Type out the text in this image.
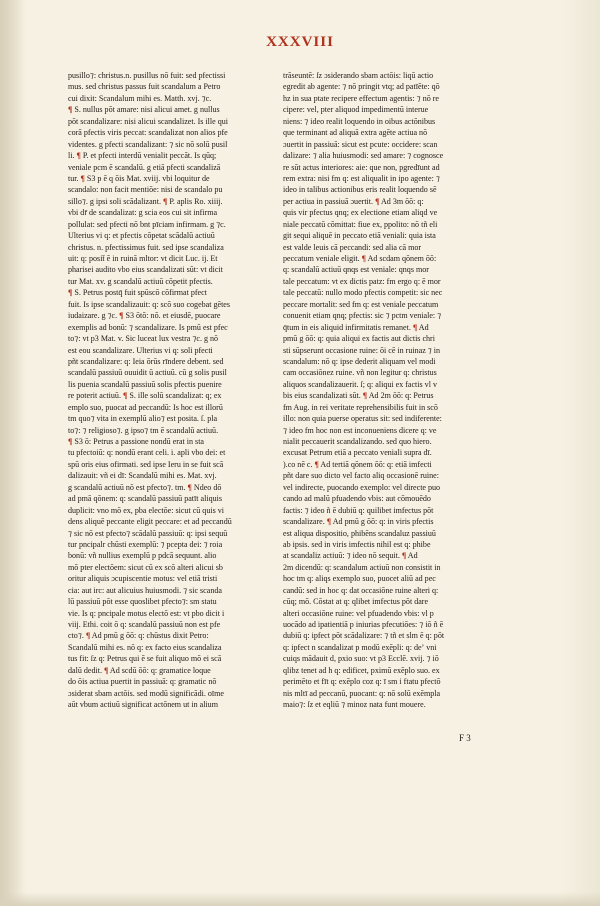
XXXVIII
pusillo⁊: christus.n. pusillus nō fuit: sed pfectissi
mus. sed christus passus fuit scandalum a Petro
cui dixit: Scandalum mihi es. Matth. xvj. ⁊c.
¶ S. nullus pōt amare: nisi alicui amet. g nullus
pōt scandalizare: nisi alicui scandalizet. Is ille qui
corā pfectis viris peccat: scandalizat non alios pfe
videntes. g pfecti scandalizant: ⁊ sic nō solū pusil
li. ¶ P. et pfecti interdū venialit peccāt. Is qūq;
veniale pcm ē scandalū. g etiā pfecti scandalizā
tur. ¶ S3 p ē q ōis Mat. xviij. vbi loquitur de
scandalo: non facit mentiōe: nisi de scandalo pu
sillo⁊. g ipsi soli scādalizant. ¶ P. aplis Ro. xiiij.
vbi dr̄ de scandalizat: g scia eos cui sit infirma
pollulat: sed pfecti nō bnt pīciam infirmam. g ⁊c.
Ulterius vi q: et pfectis cōpetat scādalū actiuū
christus. n. pfectissimus fuit. sed ipse scandaliza
uit: q: posit̄ ē in ruinā mltor: vt dicit Luc. ij. Et
pharisei audito vbo eius scandalizati sūt: vt dicit
tur Mat. xv. g scandalū actiuū cōpetit pfectis.
¶ S. Petrus postq̄ fuit spūscō cōfirmat pfect
fuit. Is ipse scandalizauit: q: scō suo cogebat gētes
iudaizare. g ⁊c. ¶ S3 ōtō: nō. et eiusdē, puocare
exemplis ad bonū: ⁊ scandalizare. Is pmū est pfec
to⁊: vt p3 Mat. v. Sic luceat lux vestra ⁊c. g nō
est eou scandalizare. Ulterius vi q: soli pfecti
pñt scandalizare: q: Ieia ōrūs rīndere debent. sed
scandalū passiuū ouuidit ū actiuū. cū g solis pusil
lis puenia scandalū passiuū solis pfectis puenire
re poterit actiuū. ¶ S. ille solū scandalizat: q; ex
emplo suo, puocat ad peccandū: Is hoc est illorū
tm quo⁊ vita in exemplū alio⁊ est posita. ſ. pla
to⁊: ⁊ religioso⁊. g ipso⁊ tm ē scandalū actiuū.
¶ S3 ō: Petrus a passione nondū erat in sta
tu pfectoiū: q: nondū erant celi. i. apli vbo dei: et
spū oris eius ofirmati. sed ipse Ieru in se fuit scā
dalizauit: vñ ei dī: Scandalū mihi es. Mat. xvj.
g scandalū actiuū nō est pfecto⁊. tm. ¶ Ndeo dō
ad pmā qōnem: q: scandalū passiuū patīt aliquis
duplicit: vno mō ex, pba electōe: sicut cū quis vi
dens aliquē peccante eligit peccare: et ad peccandū
⁊ sic nō est pfecto⁊ scādalū passiuū: q: ipsi sequū
tur pncipalr chūsti exemplū: ⁊ pcepta dei: ⁊ roia
bonū: vñ nullius exemplū p pdcā sequunt. alio
mō pter electōem: sicut cū ex scō alteri alicui sb
oritur aliquis ɔcupiscentie motus: vel etiā tristi
cia: aut irc: aut alicuius huiusmodi. ⁊ sic scanda
lū passiuū pōt esse quoslibet pfecto⁊: sm statu
vie. Is q: pncipale motus electō est: vt pbo dicit i
viij. Ethi. coit ō q: scandalū passiuū non est pfe
cto⁊. ¶ Ad pmū g ōō: q: chūstus dixit Petro:
Scandalū mihi es. nō q: ex facto eius scandaliza
tus fit: ſz q: Petrus qui ē se fuit aliquo mō ei scā
dalū dedit. ¶ Ad scdū ōō: q: gramatice loque
do ōis actiua puertit in passiuā: q: gramatic nō
ɔsiderat sbam actōis. sed modū significādi. oīme
aūt vbum actiuū significat actōnem ut in alium
trāseuntē: ſz ɔsiderando sbam actōis: liqū actio
egredit ab agente: ⁊ nō pringit vtq; ad patīēte: qō
hz in sua ptate recipere effectum agentis: ⁊ nō re
cipere: vel, pter aliquod impedimentū interue
niens: ⁊ ideo realit loquendo in oibus actōnibus
que terminant ad aliquā extra agēte actiua nō
ɔuertit in passiuā: sicut est pcute: occidere: scan
dalizare: ⁊ alia huiusmodi: sed amare: ⁊ cognosce
re sūt actus interiores: aie: que non, pgredīunt ad
rem extra: nisi fm q: est aliqualit in ipo agente: ⁊
ideo in talibus actionibus eris realit loquendo sē
per actiua in passiuā ɔuertit. ¶ Ad 3m ōō: q:
quis vir pfectus qnq; ex electione etiam aliqd ve
niale peccatū cōmittat: fiue ex, ppolito: nō tñ eli
git sequi aliquē in peccato etiā veniali: quia ista
est valde leuis cā peccandi: sed alia cā mor
peccatum veniale eligit. ¶ Ad scdam qōnem ōō:
q: scandalū actiuū qnqs est veniale: qnqs mor
tale peccatum: vt ex dictis patz: fm ergo q: ē mor
tale peccatū: nullo modo pfectis competit: sic nec
peccare mortalit: sed fm q: est veniale peccatum
conuenit etiam qnq; pfectis: sic ⁊ pctm veniale: ⁊
q̄tum in eis aliquid infirmitatis remanet. ¶ Ad
pmū g ōō: q: quia aliqui ex factis aut dictis chri
sti sūpserunt occasione ruine: ōi cē in ruinaz ⁊ in
scandalum: nō q: ipse dederit aliquam vel modi
cam occasiōnez ruine. vñ non legitur q: christus
aliquos scandalizauerit. ſ; q: aliqui ex factis vl v
bis eius scandalizati sūt. ¶ Ad 2m ōō: q: Petrus
fm Aug. in rei veritate reprehensibilis fuit in scō
illo: non quia puerse operatus sit: sed indiferente:
⁊ ideo fm hoc non est inconueniens dicere q: ve
nialit peccauerit scandalizando. sed quo hiero.
excusat Petrum etiā a peccato veniali supra dī.
).co nē c. ¶ Ad tertiā qōnem ōō: q: etiā imfecti
pñt dare suo dicto vel facto aliq occasionē ruine:
vel indirecte, puocando exemplo: vel directe puo
cando ad malū pfuadendo vbis: aut cōmouēdo
factis: ⁊ ideo ñ ē dubiū q: quilibet imfectus pōt
scandalizare. ¶ Ad pmū g ōō: q: in viris pfectis
est aliqua dispositio, phibēns scandaluz passiuū
ab ipsis. sed in viris imfectis nihil est q: phibe
at scandaliz actiuū: ⁊ ideo nō sequit. ¶ Ad
2m dicendū: q: scandalum actiuū non consistit in
hoc tm q: aliqs exemplo suo, puocet aliū ad pec
candū: sed in hoc q: dat occasiōne ruine alteri q:
cūq; mō. Cōstat at q: qlibet imfectus pōt dare
alteri occasiōne ruine: vel pfuadendo vbis: vl p
uocādo ad ipatientiā p iniurias pfecutiōes: ⁊ iō ñ ē
dubiū q: ipfect pōt scādalizare: ⁊ tñ et slm ē q: pōt
q: ipfect n scandalizat p modū exēpli: q: deʼ vni
cuiqs mādauit d, pxio suo: vt p3 Ecclē. xvij. ⁊ iō
qlibz tenet ad h q: edificet, pximū exēplo suo. ex
perimēto et fīt q: exēplo coz q: ī sm i ftatu pfectō
nis mltī ad peccanū, puocant: q: nō solū exēmpla
maio⁊: ſz et eqliū ⁊ minoz nata funt mouere.
F 3
